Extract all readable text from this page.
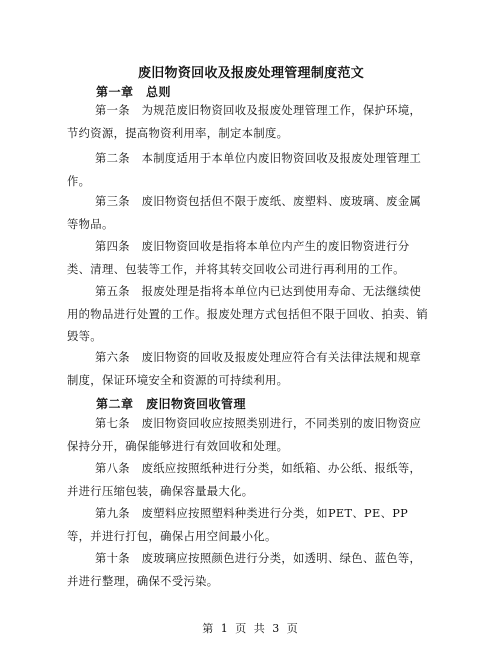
废旧物资回收及报废处理管理制度范文
第一章　总则

第一条　为规范废旧物资回收及报废处理管理工作，保护环境，节约资源，提高物资利用率，制定本制度。

第二条　本制度适用于本单位内废旧物资回收及报废处理管理工作。

第三条　废旧物资包括但不限于废纸、废塑料、废玻璃、废金属等物品。

第四条　废旧物资回收是指将本单位内产生的废旧物资进行分类、清理、包装等工作，并将其转交回收公司进行再利用的工作。

第五条　报废处理是指将本单位内已达到使用寿命、无法继续使用的物品进行处置的工作。报废处理方式包括但不限于回收、拍卖、销毁等。

第六条　废旧物资的回收及报废处理应符合有关法律法规和规章制度，保证环境安全和资源的可持续利用。

第二章　废旧物资回收管理

第七条　废旧物资回收应按照类别进行，不同类别的废旧物资应保持分开，确保能够进行有效回收和处理。

第八条　废纸应按照纸种进行分类，如纸箱、办公纸、报纸等，并进行压缩包装，确保容量最大化。

第九条　废塑料应按照塑料种类进行分类，如PET、PE、PP等，并进行打包，确保占用空间最小化。

第十条　废玻璃应按照颜色进行分类，如透明、绿色、蓝色等，并进行整理，确保不受污染。

第 1 页 共 3 页
